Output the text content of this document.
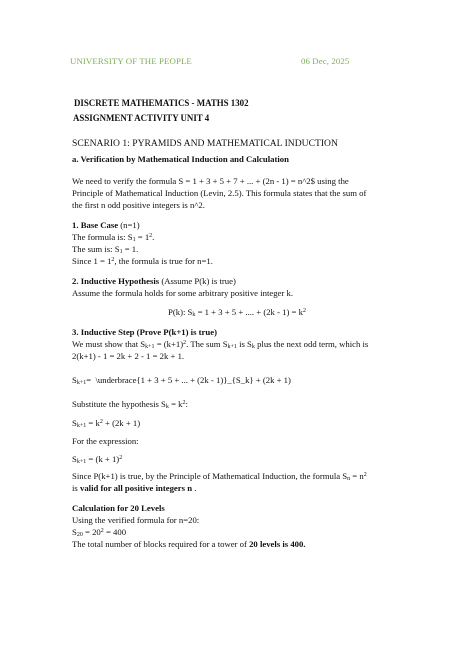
UNIVERSITY OF THE PEOPLE	06 Dec, 2025
DISCRETE MATHEMATICS - MATHS 1302
ASSIGNMENT ACTIVITY UNIT 4
SCENARIO 1: PYRAMIDS AND MATHEMATICAL INDUCTION
a. Verification by Mathematical Induction and Calculation
We need to verify the formula S = 1 + 3 + 5 + 7 + ... + (2n - 1) = n^2$ using the
Principle of Mathematical Induction (Levin, 2.5). This formula states that the sum of
the first n odd positive integers is n^2.
1. Base Case (n=1)
The formula is: $S_1 = 1^2$.
The sum is: $S_1 = 1$.
Since $1 = 1^2$, the formula is true for n=1.
2. Inductive Hypothesis (Assume P(k) is true)
Assume the formula holds for some arbitrary positive integer k.
P(k): $S_k = 1 + 3 + 5$ + .... + $(2k - 1) = k^2$
3. Inductive Step (Prove P(k+1) is true)
We must show that $S_{k+1} = (k+1)^2$. The sum $S_{k+1}$ is $S_k$ plus the next odd term, which is
2(k+1) - 1 = 2k + 2 - 1 = 2k + 1.
$S_{k+1}=$  \underbrace{1 + 3 + 5 + ... + (2k - 1)}_{S_k} + (2k + 1)
Substitute the hypothesis $S_k = k^2$:
$S_{k+1} = k^2 + (2k + 1)$
For the expression:
$S_{k+1} = (k + 1)^2$
Since P(k+1) is true, by the Principle of Mathematical Induction, the formula $S_n = n^2$
is valid for all positive integers n .
Calculation for 20 Levels
Using the verified formula for n=20:
$S_{20} = 20^2 = 400$
The total number of blocks required for a tower of 20 levels is 400.
